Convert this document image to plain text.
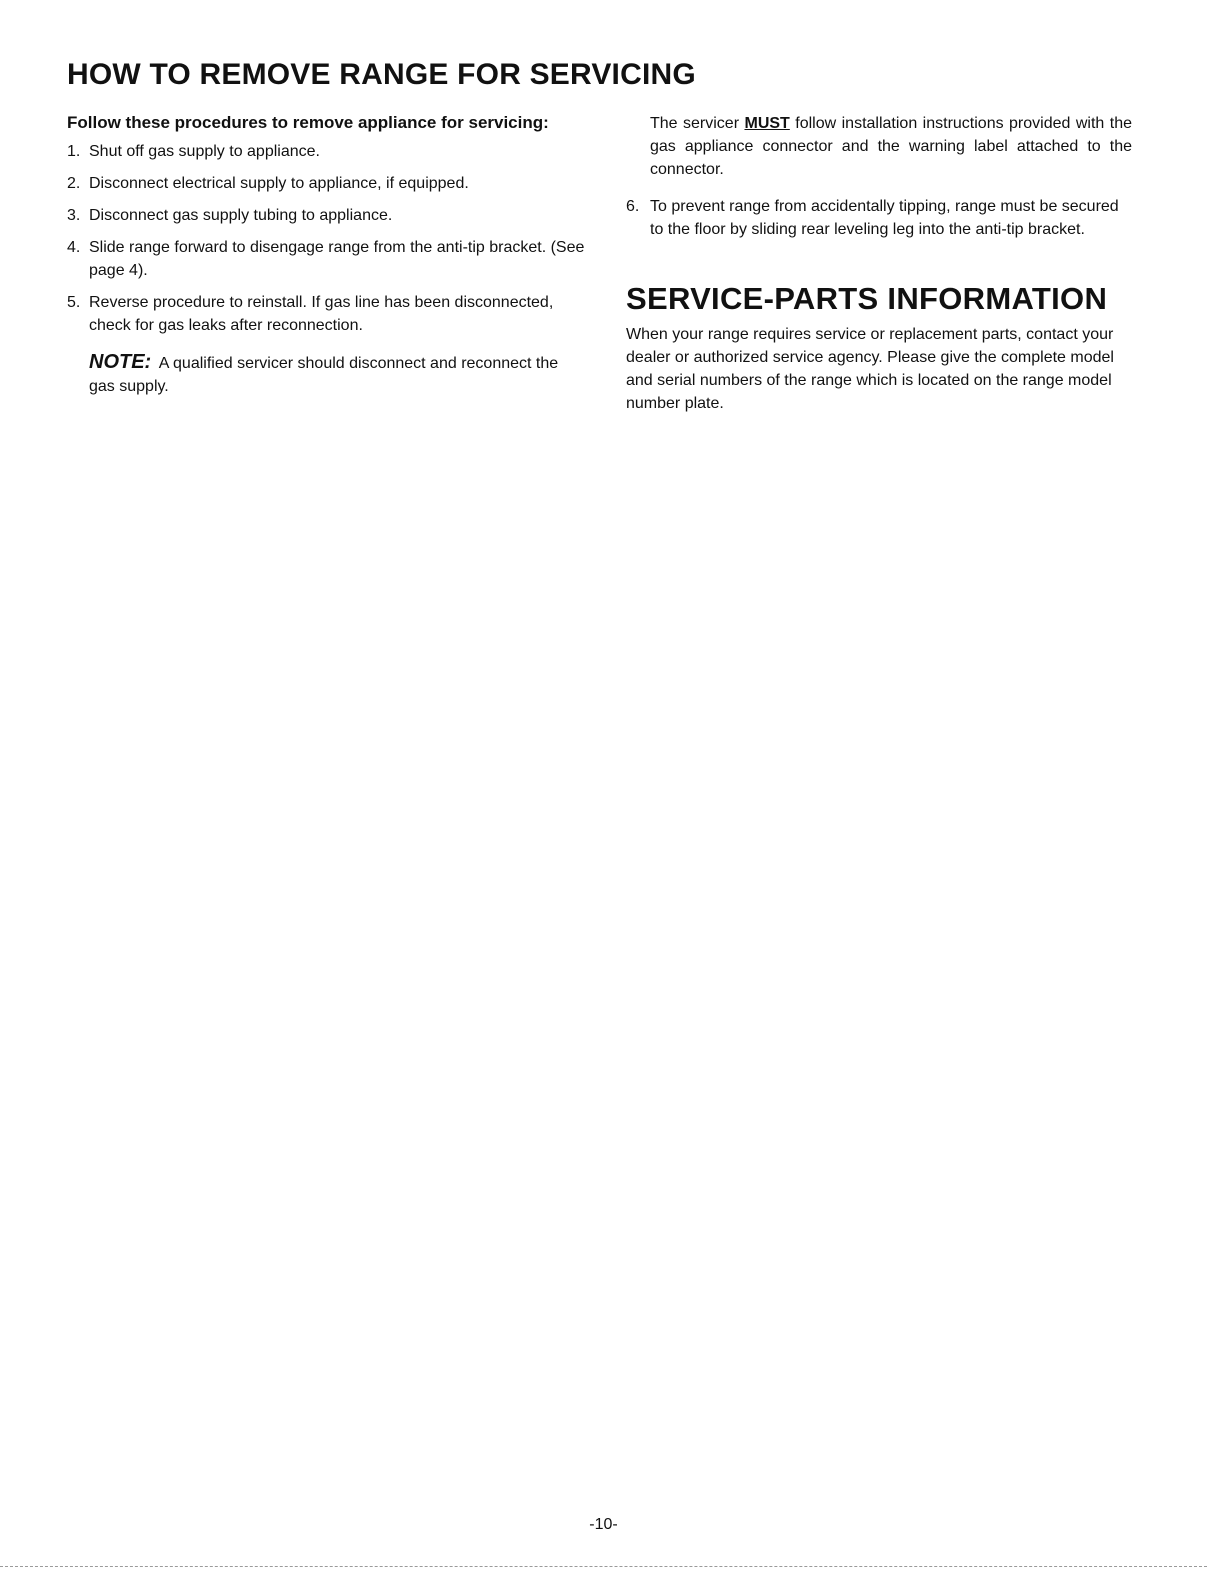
HOW TO REMOVE RANGE FOR SERVICING

Follow these procedures to remove appliance for servicing:

1. Shut off gas supply to appliance.
2. Disconnect electrical supply to appliance, if equipped.
3. Disconnect gas supply tubing to appliance.
4. Slide range forward to disengage range from the anti-tip bracket. (See page 4).
5. Reverse procedure to reinstall. If gas line has been disconnected, check for gas leaks after reconnection.

NOTE: A qualified servicer should disconnect and reconnect the gas supply.

The servicer MUST follow installation instructions provided with the gas appliance connector and the warning label attached to the connector.

6. To prevent range from accidentally tipping, range must be secured to the floor by sliding rear leveling leg into the anti-tip bracket.
SERVICE-PARTS INFORMATION

When your range requires service or replacement parts, contact your dealer or authorized service agency. Please give the complete model and serial numbers of the range which is located on the range model number plate.

-10-
